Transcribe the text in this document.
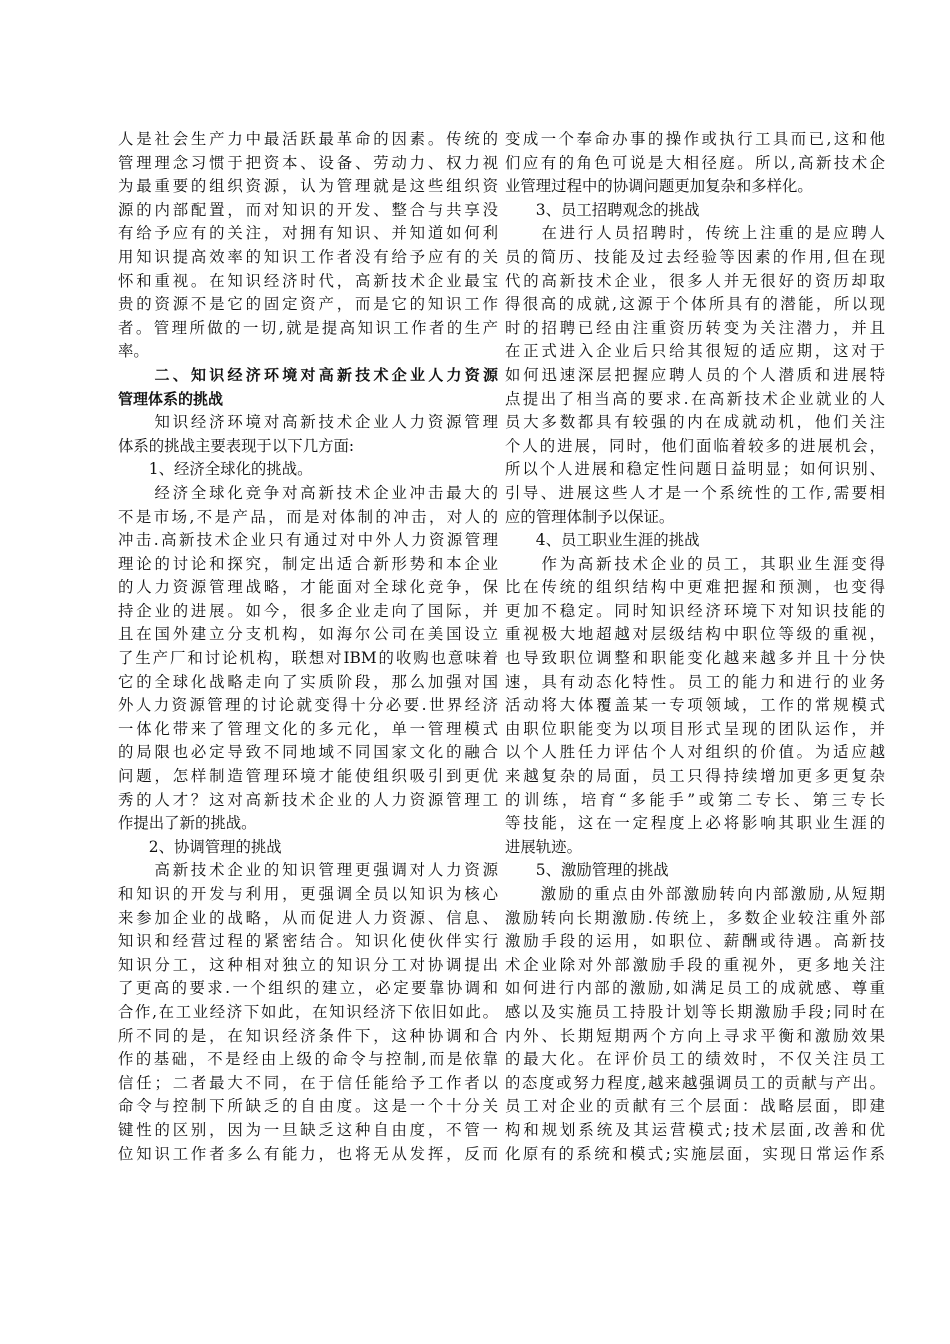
人是社会生产力中最活跃最革命的因素。传统的
管理理念习惯于把资本、设备、劳动力、权力视
为最重要的组织资源，认为管理就是这些组织资
源的内部配置，而对知识的开发、整合与共享没
有给予应有的关注，对拥有知识、并知道如何利
用知识提高效率的知识工作者没有给予应有的关
怀和重视。在知识经济时代，高新技术企业最宝
贵的资源不是它的固定资产，而是它的知识工作
者。管理所做的一切,就是提高知识工作者的生产
率。
　　二、知识经济环境对高新技术企业人力资源
管理体系的挑战
　　知识经济环境对高新技术企业人力资源管理
体系的挑战主要表现于以下几方面:
　　1、经济全球化的挑战。
　　经济全球化竞争对高新技术企业冲击最大的
不是市场,不是产品，而是对体制的冲击，对人的
冲击.高新技术企业只有通过对中外人力资源管理
理论的讨论和探究，制定出适合新形势和本企业
的人力资源管理战略，才能面对全球化竞争，保
持企业的进展。如今，很多企业走向了国际，并
且在国外建立分支机构，如海尔公司在美国设立
了生产厂和讨论机构，联想对IBM的收购也意味着
它的全球化战略走向了实质阶段，那么加强对国
外人力资源管理的讨论就变得十分必要.世界经济
一体化带来了管理文化的多元化，单一管理模式
的局限也必定导致不同地域不同国家文化的融合
问题，怎样制造管理环境才能使组织吸引到更优
秀的人才？这对高新技术企业的人力资源管理工
作提出了新的挑战。
　　2、协调管理的挑战
　　高新技术企业的知识管理更强调对人力资源
和知识的开发与利用，更强调全员以知识为核心
来参加企业的战略，从而促进人力资源、信息、
知识和经营过程的紧密结合。知识化使伙伴实行
知识分工，这种相对独立的知识分工对协调提出
了更高的要求.一个组织的建立，必定要靠协调和
合作,在工业经济下如此，在知识经济下依旧如此。
所不同的是，在知识经济条件下，这种协调和合
作的基础，不是经由上级的命令与控制,而是依靠
信任；二者最大不同，在于信任能给予工作者以
命令与控制下所缺乏的自由度。这是一个十分关
键性的区别，因为一旦缺乏这种自由度，不管一
位知识工作者多么有能力，也将无从发挥，反而
变成一个奉命办事的操作或执行工具而已,这和他
们应有的角色可说是大相径庭。所以,高新技术企
业管理过程中的协调问题更加复杂和多样化。
　　3、员工招聘观念的挑战
　　在进行人员招聘时，传统上注重的是应聘人
员的简历、技能及过去经验等因素的作用,但在现
代的高新技术企业，很多人并无很好的资历却取
得很高的成就,这源于个体所具有的潜能，所以现
时的招聘已经由注重资历转变为关注潜力，并且
在正式进入企业后只给其很短的适应期，这对于
如何迅速深层把握应聘人员的个人潜质和进展特
点提出了相当高的要求.在高新技术企业就业的人
员大多数都具有较强的内在成就动机，他们关注
个人的进展，同时，他们面临着较多的进展机会，
所以个人进展和稳定性问题日益明显；如何识别、
引导、进展这些人才是一个系统性的工作,需要相
应的管理体制予以保证。
　　4、员工职业生涯的挑战
　　作为高新技术企业的员工，其职业生涯变得
比在传统的组织结构中更难把握和预测，也变得
更加不稳定。同时知识经济环境下对知识技能的
重视极大地超越对层级结构中职位等级的重视，
也导致职位调整和职能变化越来越多并且十分快
速，具有动态化特性。员工的能力和进行的业务
活动将大体覆盖某一专项领域，工作的常规模式
由职位职能变为以项目形式呈现的团队运作，并
以个人胜任力评估个人对组织的价值。为适应越
来越复杂的局面，员工只得持续增加更多更复杂
的训练，培育“多能手”或第二专长、第三专长
等技能，这在一定程度上必将影响其职业生涯的
进展轨迹。
　　5、激励管理的挑战
　　激励的重点由外部激励转向内部激励,从短期
激励转向长期激励.传统上，多数企业较注重外部
激励手段的运用，如职位、薪酬或待遇。高新技
术企业除对外部激励手段的重视外，更多地关注
如何进行内部的激励,如满足员工的成就感、尊重
感以及实施员工持股计划等长期激励手段;同时在
内外、长期短期两个方向上寻求平衡和激励效果
的最大化。在评价员工的绩效时，不仅关注员工
的态度或努力程度,越来越强调员工的贡献与产出。
员工对企业的贡献有三个层面：战略层面，即建
构和规划系统及其运营模式;技术层面,改善和优
化原有的系统和模式;实施层面，实现日常运作系
